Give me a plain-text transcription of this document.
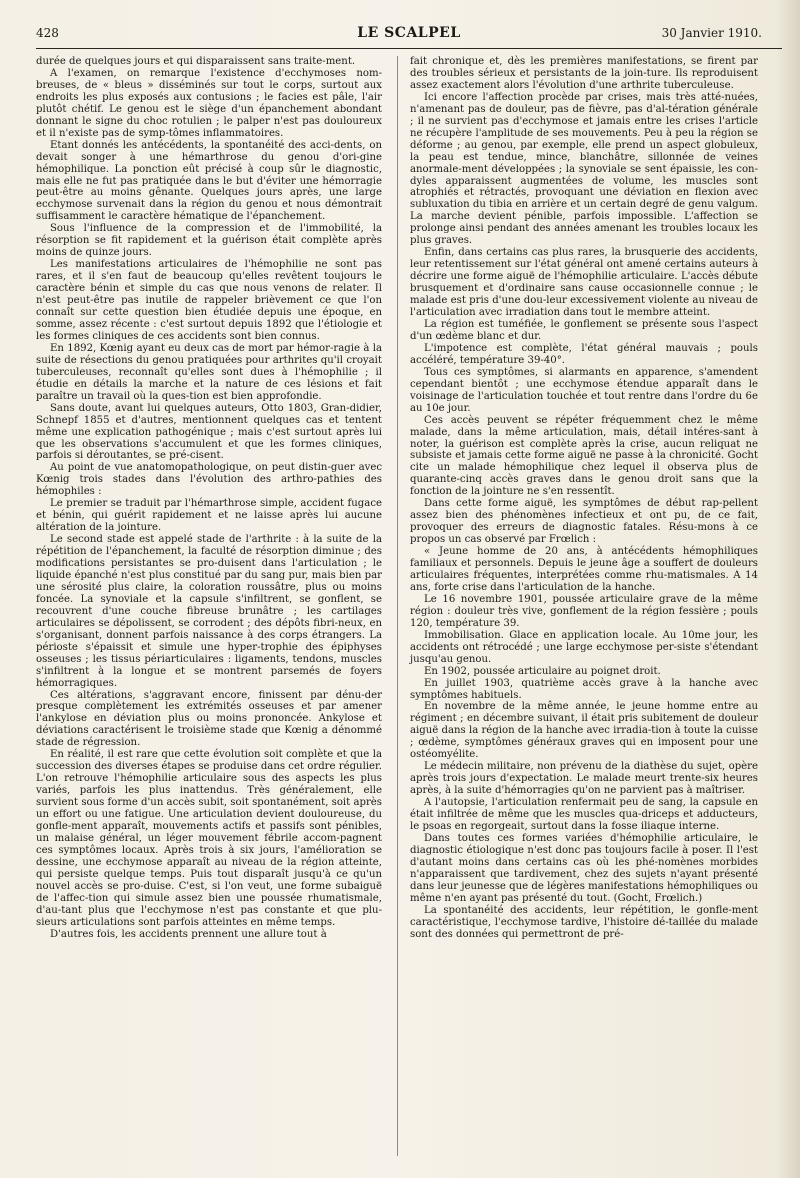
428	LE SCALPEL	30 Janvier 1910.

durée de quelques jours et qui disparaissent sans traite-ment.

A l'examen, on remarque l'existence d'ecchymoses nom-breuses, de « bleus » disséminés sur tout le corps, surtout aux endroits les plus exposés aux contusions ; le facies est pâle, l'air plutôt chétif. Le genou est le siège d'un épanchement abondant donnant le signe du choc rotulien ; le palper n'est pas douloureux et il n'existe pas de symp-tômes inflammatoires.

Etant donnés les antécédents, la spontanéité des acci-dents, on devait songer à une hémarthrose du genou d'ori-gine hémophilique. La ponction eût précisé à coup sûr le diagnostic, mais elle ne fut pas pratiquée dans le but d'éviter une hémorragie peut-être au moins gênante. Quelques jours après, une large ecchymose survenait dans la région du genou et nous démontrait suffisamment le caractère hématique de l'épanchement.

Sous l'influence de la compression et de l'immobilité, la résorption se fit rapidement et la guérison était complète après moins de quinze jours.

Les manifestations articulaires de l'hémophilie ne sont pas rares, et il s'en faut de beaucoup qu'elles revêtent toujours le caractère bénin et simple du cas que nous venons de relater. Il n'est peut-être pas inutile de rappeler brièvement ce que l'on connaît sur cette question bien étudiée depuis une époque, en somme, assez récente : c'est surtout depuis 1892 que l'étiologie et les formes cliniques de ces accidents sont bien connus.

En 1892, Kœnig ayant eu deux cas de mort par hémor-ragie à la suite de résections du genou pratiquées pour arthrites qu'il croyait tuberculeuses, reconnaît qu'elles sont dues à l'hémophilie ; il étudie en détails la marche et la nature de ces lésions et fait paraître un travail où la ques-tion est bien approfondie.

Sans doute, avant lui quelques auteurs, Otto 1803, Gran-didier, Schnepf 1855 et d'autres, mentionnent quelques cas et tentent même une explication pathogénique ; mais c'est surtout après lui que les observations s'accumulent et que les formes cliniques, parfois si déroutantes, se pré-cisent.

Au point de vue anatomopathologique, on peut distin-guer avec Kœnig trois stades dans l'évolution des arthro-pathies des hémophiles :

Le premier se traduit par l'hémarthrose simple, accident fugace et bénin, qui guérit rapidement et ne laisse après lui aucune altération de la jointure.

Le second stade est appelé stade de l'arthrite : à la suite de la répétition de l'épanchement, la faculté de résorption diminue ; des modifications persistantes se pro-duisent dans l'articulation ; le liquide épanché n'est plus constitué par du sang pur, mais bien par une sérosité plus claire, la coloration roussâtre, plus ou moins foncée. La synoviale et la capsule s'infiltrent, se gonflent, se recouvrent d'une couche fibreuse brunâtre ; les cartilages articulaires se dépolissent, se corrodent ; des dépôts fibri-neux, en s'organisant, donnent parfois naissance à des corps étrangers. La périoste s'épaissit et simule une hyper-trophie des épiphyses osseuses ; les tissus périarticulaires : ligaments, tendons, muscles s'infiltrent à la longue et se montrent parsemés de foyers hémorragiques.

Ces altérations, s'aggravant encore, finissent par dénu-der presque complètement les extrémités osseuses et par amener l'ankylose en déviation plus ou moins prononcée. Ankylose et déviations caractérisent le troisième stade que Kœnig a dénommé stade de régression.

En réalité, il est rare que cette évolution soit complète et que la succession des diverses étapes se produise dans cet ordre régulier. L'on retrouve l'hémophilie articulaire sous des aspects les plus variés, parfois les plus inattendus. Très généralement, elle survient sous forme d'un accès subit, soit spontanément, soit après un effort ou une fatigue. Une articulation devient douloureuse, du gonfle-ment apparaît, mouvements actifs et passifs sont pénibles, un malaise général, un léger mouvement fébrile accom-pagnent ces symptômes locaux. Après trois à six jours, l'amélioration se dessine, une ecchymose apparaît au niveau de la région atteinte, qui persiste quelque temps. Puis tout disparaît jusqu'à ce qu'un nouvel accès se pro-duise. C'est, si l'on veut, une forme subaiguë de l'affec-tion qui simule assez bien une poussée rhumatismale, d'au-tant plus que l'ecchymose n'est pas constante et que plu-sieurs articulations sont parfois atteintes en même temps.

D'autres fois, les accidents prennent une allure tout à

fait chronique et, dès les premières manifestations, se firent par des troubles sérieux et persistants de la join-ture. Ils reproduisent assez exactement alors l'évolution d'une arthrite tuberculeuse.

Ici encore l'affection procède par crises, mais très atté-nuées, n'amenant pas de douleur, pas de fièvre, pas d'al-tération générale ; il ne survient pas d'ecchymose et jamais entre les crises l'article ne récupère l'amplitude de ses mouvements. Peu à peu la région se déforme ; au genou, par exemple, elle prend un aspect globuleux, la peau est tendue, mince, blanchâtre, sillonnée de veines anormale-ment développées ; la synoviale se sent épaissie, les con-dyles apparaissent augmentées de volume, les muscles sont atrophiés et rétractés, provoquant une déviation en flexion avec subluxation du tibia en arrière et un certain degré de genu valgum. La marche devient pénible, parfois impossible. L'affection se prolonge ainsi pendant des années amenant les troubles locaux les plus graves.

Enfin, dans certains cas plus rares, la brusquerie des accidents, leur retentissement sur l'état général ont amené certains auteurs à décrire une forme aiguë de l'hémophilie articulaire. L'accès débute brusquement et d'ordinaire sans cause occasionnelle connue ; le malade est pris d'une dou-leur excessivement violente au niveau de l'articulation avec irradiation dans tout le membre atteint.

La région est tuméfiée, le gonflement se présente sous l'aspect d'un œdème blanc et dur.

L'impotence est complète, l'état général mauvais ; pouls accéléré, température 39-40°.

Tous ces symptômes, si alarmants en apparence, s'amendent cependant bientôt ; une ecchymose étendue apparaît dans le voisinage de l'articulation touchée et tout rentre dans l'ordre du 6e au 10e jour.

Ces accès peuvent se répéter fréquemment chez le même malade, dans la même articulation, mais, détail intéres-sant à noter, la guérison est complète après la crise, aucun reliquat ne subsiste et jamais cette forme aiguë ne passe à la chronicité. Gocht cite un malade hémophilique chez lequel il observa plus de quarante-cinq accès graves dans le genou droit sans que la fonction de la jointure ne s'en ressentît.

Dans cette forme aiguë, les symptômes de début rap-pellent assez bien des phénomènes infectieux et ont pu, de ce fait, provoquer des erreurs de diagnostic fatales. Résu-mons à ce propos un cas observé par Frœlich :

« Jeune homme de 20 ans, à antécédents hémophiliques familiaux et personnels. Depuis le jeune âge a souffert de douleurs articulaires fréquentes, interprétées comme rhu-matismales. A 14 ans, forte crise dans l'articulation de la hanche.

Le 16 novembre 1901, poussée articulaire grave de la même région : douleur très vive, gonflement de la région fessière ; pouls 120, température 39.

Immobilisation. Glace en application locale. Au 10me jour, les accidents ont rétrocédé ; une large ecchymose per-siste s'étendant jusqu'au genou.

En 1902, poussée articulaire au poignet droit.

En juillet 1903, quatrième accès grave à la hanche avec symptômes habituels.

En novembre de la même année, le jeune homme entre au régiment ; en décembre suivant, il était pris subitement de douleur aiguë dans la région de la hanche avec irradia-tion à toute la cuisse ; œdème, symptômes généraux graves qui en imposent pour une ostéomyélite.

Le médecin militaire, non prévenu de la diathèse du sujet, opère après trois jours d'expectation. Le malade meurt trente-six heures après, à la suite d'hémorragies qu'on ne parvient pas à maîtriser.

A l'autopsie, l'articulation renfermait peu de sang, la capsule en était infiltrée de même que les muscles qua-driceps et adducteurs, le psoas en regorgeait, surtout dans la fosse iliaque interne.

Dans toutes ces formes variées d'hémophilie articulaire, le diagnostic étiologique n'est donc pas toujours facile à poser. Il l'est d'autant moins dans certains cas où les phé-nomènes morbides n'apparaissent que tardivement, chez des sujets n'ayant présenté dans leur jeunesse que de légères manifestations hémophiliques ou même n'en ayant pas présenté du tout. (Gocht, Frœlich.)

La spontanéité des accidents, leur répétition, le gonfle-ment caractéristique, l'ecchymose tardive, l'histoire dé-taillée du malade sont des données qui permettront de pré-
